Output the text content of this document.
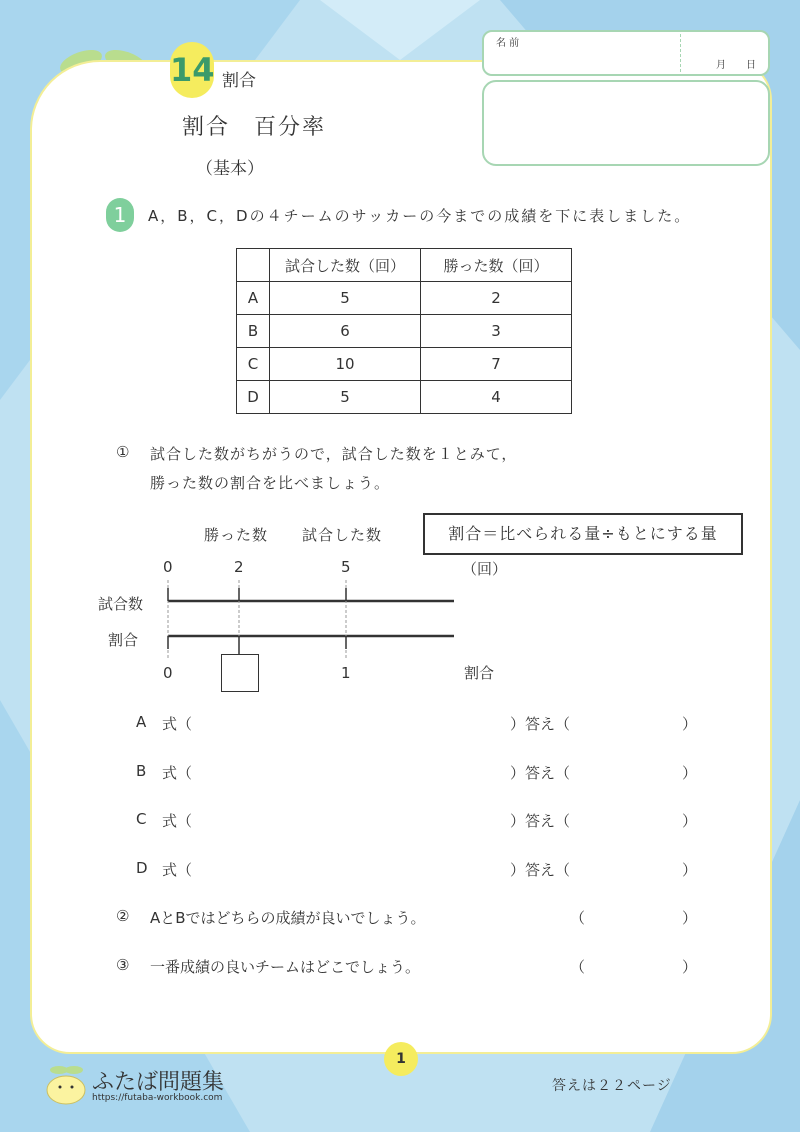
14 割合
割合　百分率
（基本）
名 前
月 日
1	A，B，C，Dの４チームのサッカーの今までの成績を下に表しました。
	試合した数（回）	勝った数（回）
A	5	2
B	6	3
C	10	7
D	5	4
① 試合した数がちがうので，試合した数を１とみて，
勝った数の割合を比べましょう。
勝った数 試合した数	割合＝比べられる量÷もとにする量
0	2	5	（回）
試合数
割合
0	1	割合
A 式（	）答え（	）
B 式（	）答え（	）
C 式（	）答え（	）
D 式（	）答え（	）
② AとBではどちらの成績が良いでしょう。	（	）
③ 一番成績の良いチームはどこでしょう。	（	）
1
ふたば問題集
https://futaba-workbook.com
答えは２２ページ
